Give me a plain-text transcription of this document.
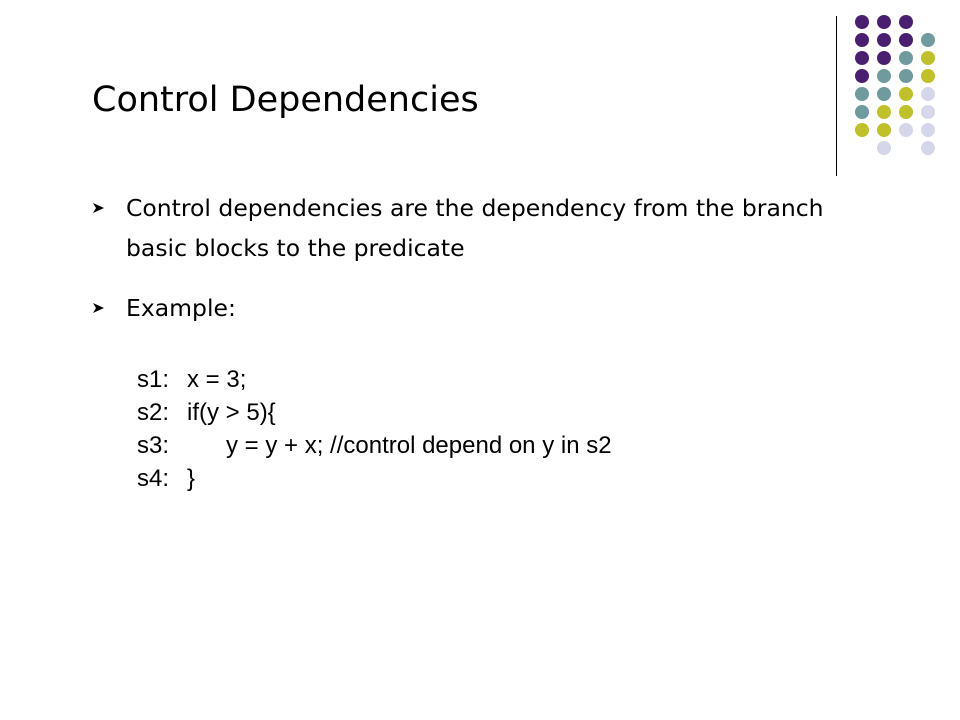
Control Dependencies
Control dependencies are the dependency from the branch basic blocks to the predicate
Example:
s1: x = 3;
s2: if(y > 5){
s3: y = y + x; //control depend on y in s2
s4: }
